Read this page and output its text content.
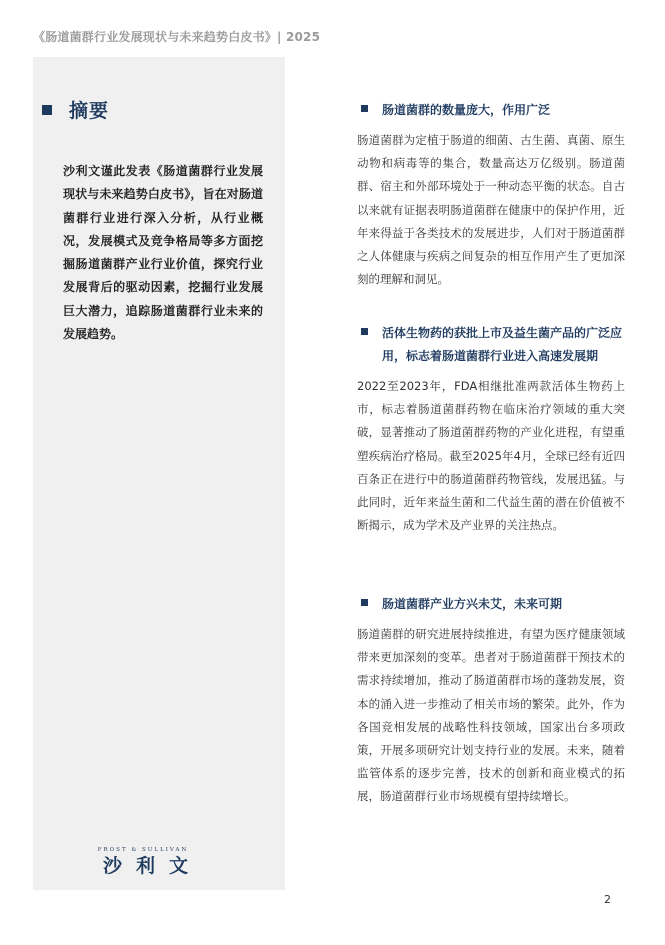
《肠道菌群行业发展现状与未来趋势白皮书》| 2025
摘要
沙利文谨此发表《肠道菌群行业发展现状与未来趋势白皮书》，旨在对肠道菌群行业进行深入分析，从行业概况，发展模式及竞争格局等多方面挖掘肠道菌群产业行业价值，探究行业发展背后的驱动因素，挖掘行业发展巨大潜力，追踪肠道菌群行业未来的发展趋势。
FROST & SULLIVAN
沙利文
肠道菌群的数量庞大，作用广泛
肠道菌群为定植于肠道的细菌、古生菌、真菌、原生动物和病毒等的集合，数量高达万亿级别。肠道菌群、宿主和外部环境处于一种动态平衡的状态。自古以来就有证据表明肠道菌群在健康中的保护作用，近年来得益于各类技术的发展进步，人们对于肠道菌群之人体健康与疾病之间复杂的相互作用产生了更加深刻的理解和洞见。
活体生物药的获批上市及益生菌产品的广泛应用，标志着肠道菌群行业进入高速发展期
2022至2023年，FDA相继批准两款活体生物药上市，标志着肠道菌群药物在临床治疗领域的重大突破，显著推动了肠道菌群药物的产业化进程，有望重塑疾病治疗格局。截至2025年4月，全球已经有近四百条正在进行中的肠道菌群药物管线，发展迅猛。与此同时，近年来益生菌和二代益生菌的潜在价值被不断揭示，成为学术及产业界的关注热点。
肠道菌群产业方兴未艾，未来可期
肠道菌群的研究进展持续推进，有望为医疗健康领域带来更加深刻的变革。患者对于肠道菌群干预技术的需求持续增加，推动了肠道菌群市场的蓬勃发展，资本的涌入进一步推动了相关市场的繁荣。此外，作为各国竞相发展的战略性科技领域，国家出台多项政策，开展多项研究计划支持行业的发展。未来，随着监管体系的逐步完善，技术的创新和商业模式的拓展，肠道菌群行业市场规模有望持续增长。
2
